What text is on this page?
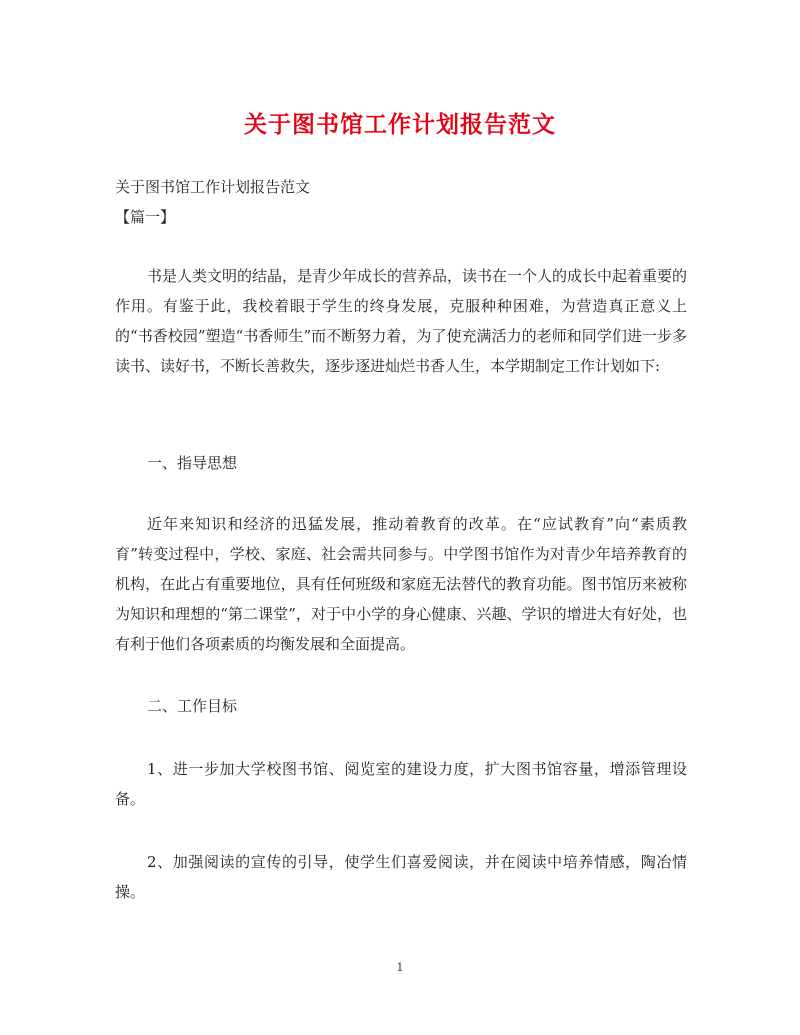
关于图书馆工作计划报告范文
关于图书馆工作计划报告范文
【篇一】
书是人类文明的结晶，是青少年成长的营养品，读书在一个人的成长中起着重要的作用。有鉴于此，我校着眼于学生的终身发展，克服种种困难，为营造真正意义上的“书香校园”塑造“书香师生”而不断努力着，为了使充满活力的老师和同学们进一步多读书、读好书，不断长善救失，逐步逐进灿烂书香人生，本学期制定工作计划如下:
一、指导思想
近年来知识和经济的迅猛发展，推动着教育的改革。在“应试教育”向“素质教育”转变过程中，学校、家庭、社会需共同参与。中学图书馆作为对青少年培养教育的机构，在此占有重要地位，具有任何班级和家庭无法替代的教育功能。图书馆历来被称为知识和理想的“第二课堂”，对于中小学的身心健康、兴趣、学识的增进大有好处，也有利于他们各项素质的均衡发展和全面提高。
二、工作目标
1、进一步加大学校图书馆、阅览室的建设力度，扩大图书馆容量，增添管理设备。
2、加强阅读的宣传的引导，使学生们喜爱阅读，并在阅读中培养情感，陶冶情操。
1
